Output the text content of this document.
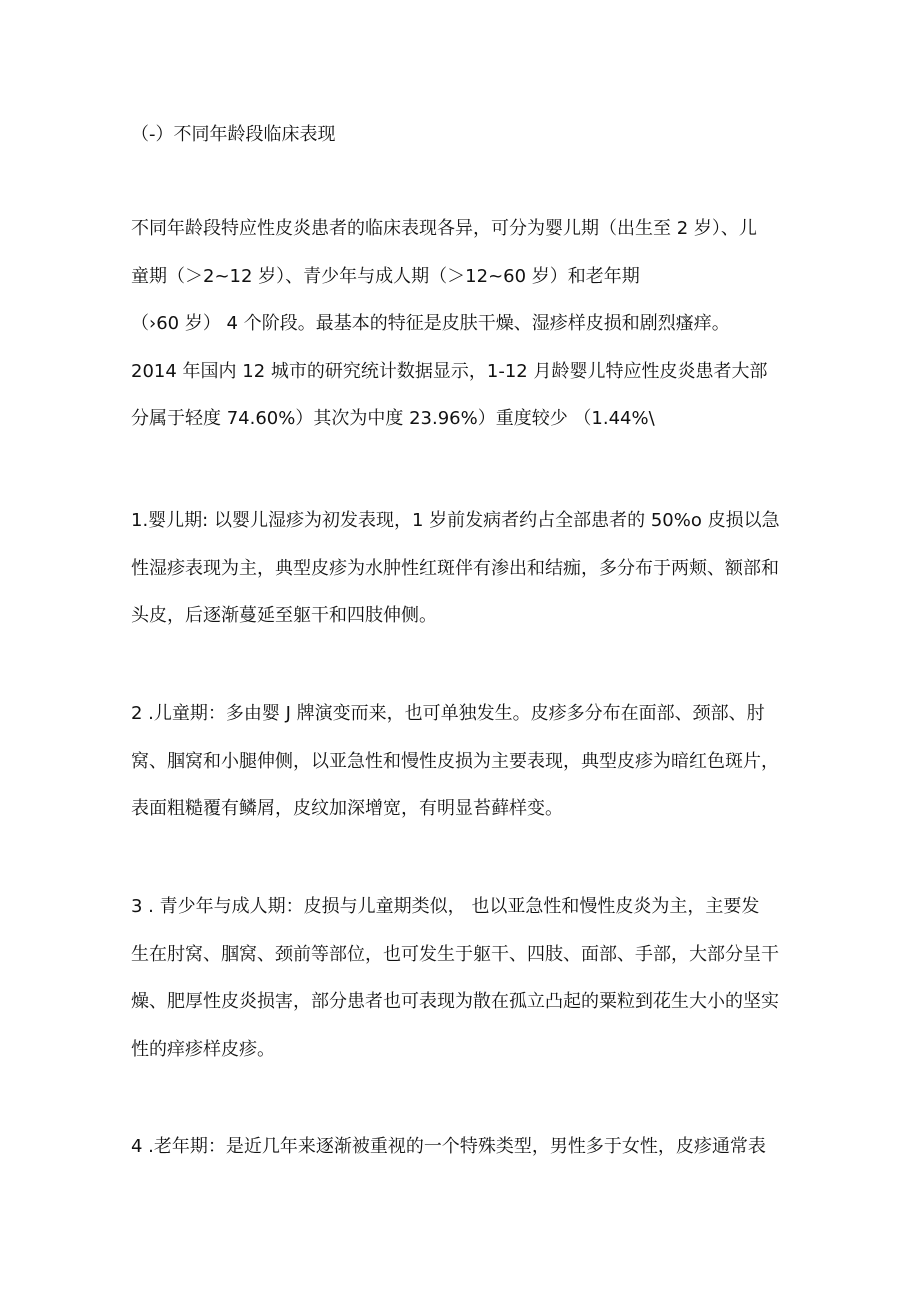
（-）不同年龄段临床表现
不同年龄段特应性皮炎患者的临床表现各异，可分为婴儿期（出生至 2 岁）、儿
童期（＞2~12 岁）、青少年与成人期（＞12~60 岁）和老年期
（›60 岁） 4 个阶段。最基本的特征是皮肤干燥、湿疹样皮损和剧烈瘙痒。
2014 年国内 12 城市的研究统计数据显示，1-12 月龄婴儿特应性皮炎患者大部
分属于轻度 74.60%）其次为中度 23.96%）重度较少 （1.44%\
1.婴儿期: 以婴儿湿疹为初发表现，1 岁前发病者约占全部患者的 50%o 皮损以急
性湿疹表现为主，典型皮疹为水肿性红斑伴有渗出和结痂，多分布于两颊、额部和
头皮，后逐渐蔓延至躯干和四肢伸侧。
2 .儿童期：多由婴 J 牌演变而来，也可单独发生。皮疹多分布在面部、颈部、肘
窝、腘窝和小腿伸侧，以亚急性和慢性皮损为主要表现，典型皮疹为暗红色斑片，
表面粗糙覆有鳞屑，皮纹加深增宽，有明显苔藓样变。
3 . 青少年与成人期：皮损与儿童期类似， 也以亚急性和慢性皮炎为主，主要发
生在肘窝、腘窝、颈前等部位，也可发生于躯干、四肢、面部、手部，大部分呈干
燥、肥厚性皮炎损害，部分患者也可表现为散在孤立凸起的粟粒到花生大小的坚实
性的痒疹样皮疹。
4 .老年期：是近几年来逐渐被重视的一个特殊类型，男性多于女性，皮疹通常表
